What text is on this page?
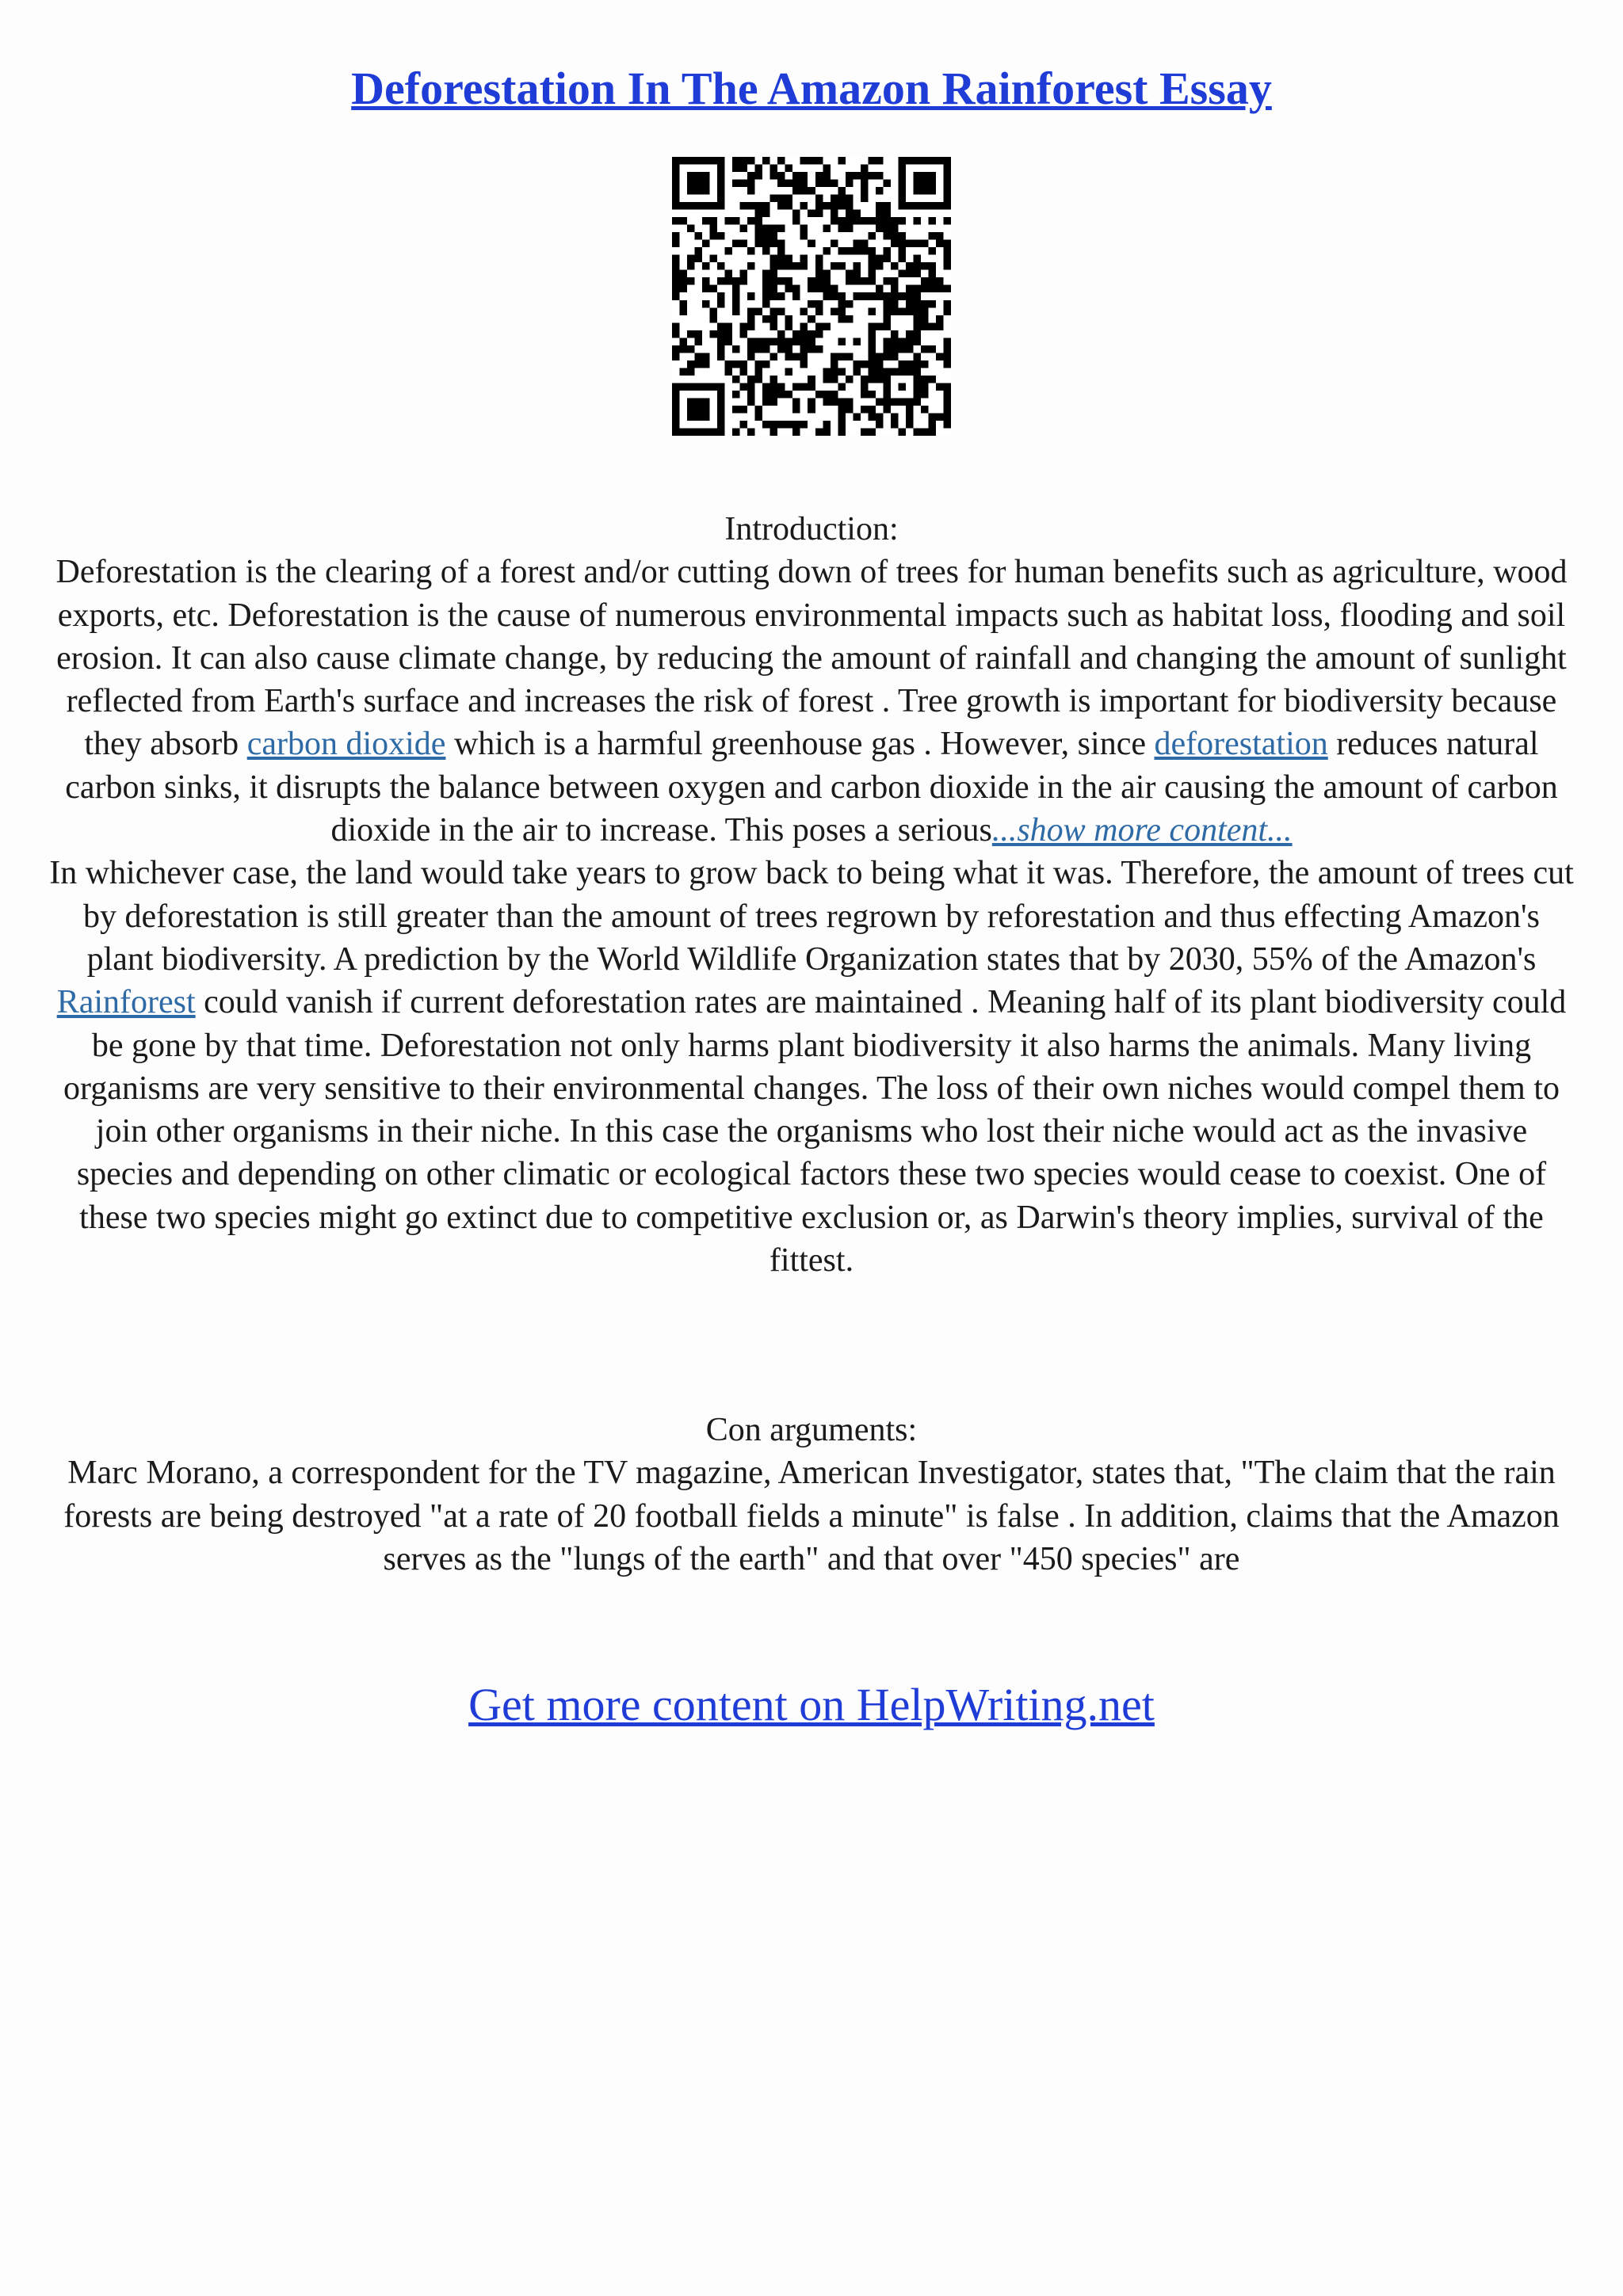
Deforestation In The Amazon Rainforest Essay
Introduction:
Deforestation is the clearing of a forest and/or cutting down of trees for human benefits such as agriculture, wood exports, etc. Deforestation is the cause of numerous environmental impacts such as habitat loss, flooding and soil erosion. It can also cause climate change, by reducing the amount of rainfall and changing the amount of sunlight reflected from Earth's surface and increases the risk of forest . Tree growth is important for biodiversity because they absorb carbon dioxide which is a harmful greenhouse gas . However, since deforestation reduces natural carbon sinks, it disrupts the balance between oxygen and carbon dioxide in the air causing the amount of carbon dioxide in the air to increase. This poses a serious...show more content...
In whichever case, the land would take years to grow back to being what it was. Therefore, the amount of trees cut by deforestation is still greater than the amount of trees regrown by reforestation and thus effecting Amazon's plant biodiversity. A prediction by the World Wildlife Organization states that by 2030, 55% of the Amazon's Rainforest could vanish if current deforestation rates are maintained . Meaning half of its plant biodiversity could be gone by that time. Deforestation not only harms plant biodiversity it also harms the animals. Many living organisms are very sensitive to their environmental changes. The loss of their own niches would compel them to join other organisms in their niche. In this case the organisms who lost their niche would act as the invasive species and depending on other climatic or ecological factors these two species would cease to coexist. One of these two species might go extinct due to competitive exclusion or, as Darwin's theory implies, survival of the fittest.
Con arguments:
Marc Morano, a correspondent for the TV magazine, American Investigator, states that, "The claim that the rain forests are being destroyed "at a rate of 20 football fields a minute" is false . In addition, claims that the Amazon serves as the "lungs of the earth" and that over "450 species" are
Get more content on HelpWriting.net
